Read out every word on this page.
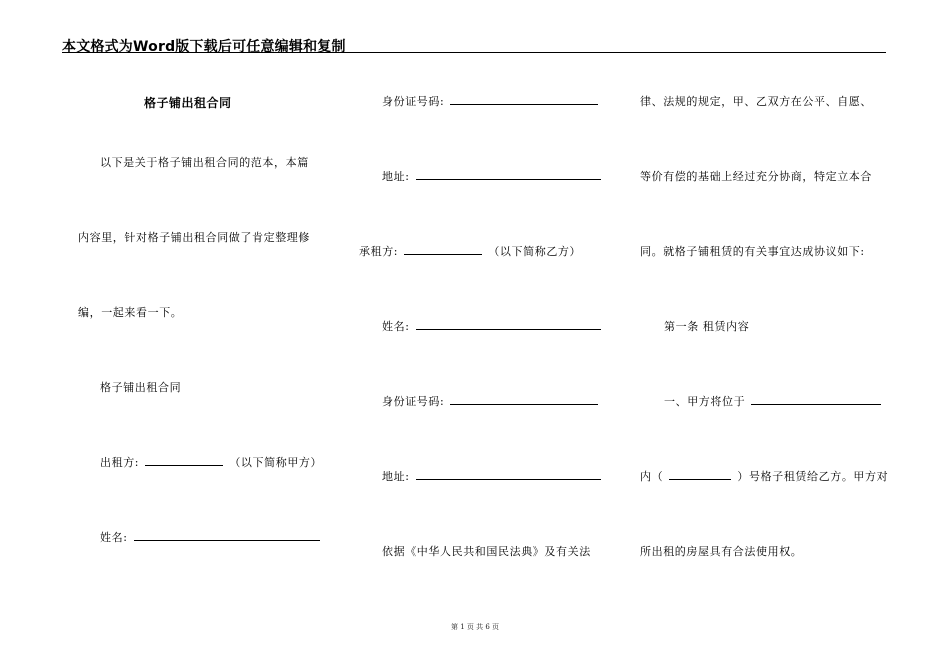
本文格式为Word版下载后可任意编辑和复制
格子铺出租合同
以下是关于格子铺出租合同的范本，本篇
内容里，针对格子铺出租合同做了肯定整理修
编，一起来看一下。
格子铺出租合同
出租方:	（以下简称甲方）
姓名:
身份证号码:
地址:
承租方:	（以下简称乙方）
姓名:
身份证号码:
地址:
依据《中华人民共和国民法典》及有关法
律、法规的规定，甲、乙双方在公平、自愿、
等价有偿的基础上经过充分协商，特定立本合
同。就格子铺租赁的有关事宜达成协议如下:
第一条 租赁内容
一、甲方将位于
内（	）号格子租赁给乙方。甲方对
所出租的房屋具有合法使用权。
第 1 页 共 6 页
